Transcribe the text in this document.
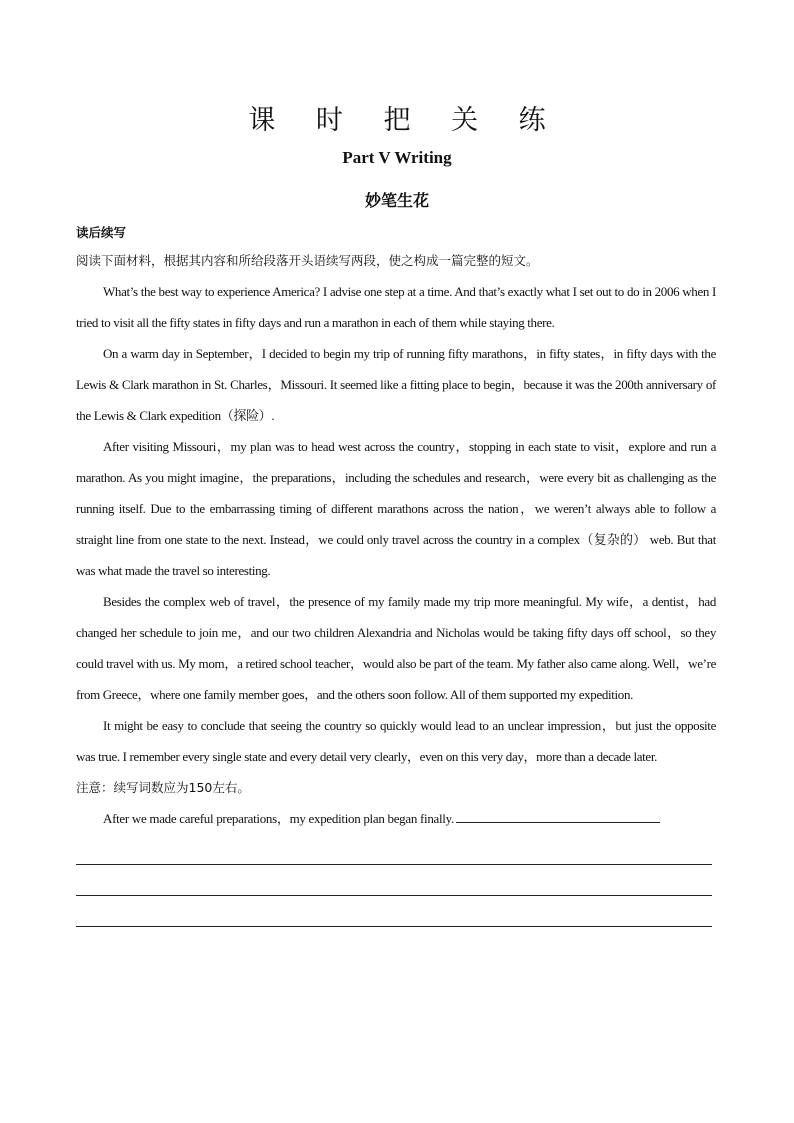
课 时 把 关 练
Part V Writing
妙笔生花
读后续写
阅读下面材料，根据其内容和所给段落开头语续写两段，使之构成一篇完整的短文。

What’s the best way to experience America? I advise one step at a time. And that’s exactly what I set out to do in 2006 when I tried to visit all the fifty states in fifty days and run a marathon in each of them while staying there.

On a warm day in September，I decided to begin my trip of running fifty marathons，in fifty states，in fifty days with the Lewis & Clark marathon in St. Charles，Missouri. It seemed like a fitting place to begin，because it was the 200th anniversary of the Lewis & Clark expedition（探险）.

After visiting Missouri，my plan was to head west across the country，stopping in each state to visit，explore and run a marathon. As you might imagine，the preparations，including the schedules and research，were every bit as challenging as the running itself. Due to the embarrassing timing of different marathons across the nation，we weren’t always able to follow a straight line from one state to the next. Instead，we could only travel across the country in a complex（复杂的） web. But that was what made the travel so interesting.

Besides the complex web of travel，the presence of my family made my trip more meaningful. My wife，a dentist，had changed her schedule to join me，and our two children Alexandria and Nicholas would be taking fifty days off school，so they could travel with us. My mom，a retired school teacher，would also be part of the team. My father also came along. Well，we’re from Greece，where one family member goes，and the others soon follow. All of them supported my expedition.

It might be easy to conclude that seeing the country so quickly would lead to an unclear impression，but just the opposite was true. I remember every single state and every detail very clearly，even on this very day，more than a decade later.

注意：续写词数应为150左右。
After we made careful preparations，my expedition plan began finally.
